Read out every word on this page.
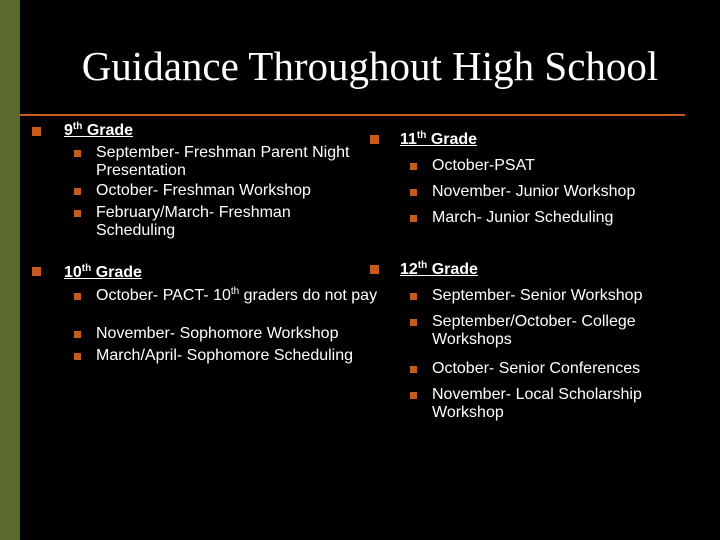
Guidance Throughout High School
9th Grade
September- Freshman Parent Night Presentation
October- Freshman Workshop
February/March- Freshman Scheduling
10th Grade
October- PACT- 10th graders do not pay
November- Sophomore Workshop
March/April- Sophomore Scheduling
11th Grade
October-PSAT
November- Junior Workshop
March- Junior Scheduling
12th Grade
September- Senior Workshop
September/October- College Workshops
October- Senior Conferences
November- Local Scholarship Workshop
